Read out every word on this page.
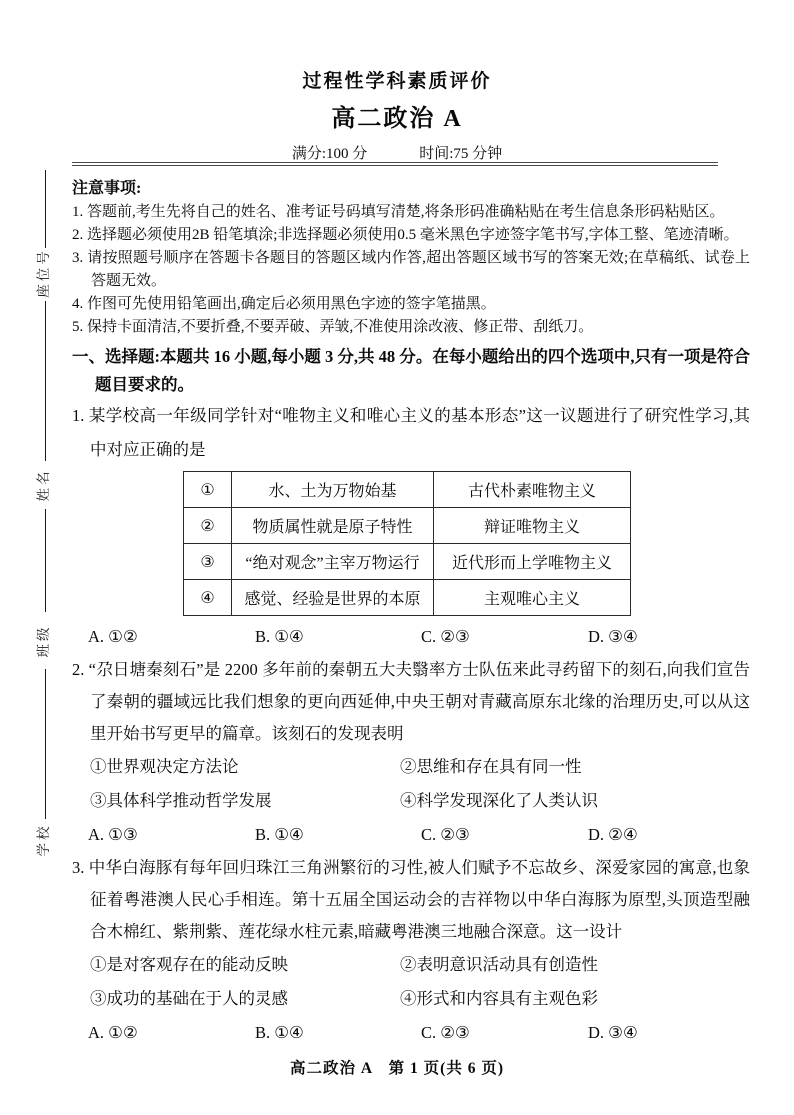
过程性学科素质评价
高二政治 A
满分:100 分	时间:75 分钟
座位号
姓名
班级
学校
注意事项:

1. 答题前,考生先将自己的姓名、准考证号码填写清楚,将条形码准确粘贴在考生信息条形码粘贴区。

2. 选择题必须使用2B 铅笔填涂;非选择题必须使用0.5 毫米黑色字迹签字笔书写,字体工整、笔迹清晰。

3. 请按照题号顺序在答题卡各题目的答题区域内作答,超出答题区域书写的答案无效;在草稿纸、试卷上答题无效。

4. 作图可先使用铅笔画出,确定后必须用黑色字迹的签字笔描黑。

5. 保持卡面清洁,不要折叠,不要弄破、弄皱,不准使用涂改液、修正带、刮纸刀。

一、选择题:本题共 16 小题,每小题 3 分,共 48 分。在每小题给出的四个选项中,只有一项是符合题目要求的。

1. 某学校高一年级同学针对“唯物主义和唯心主义的基本形态”这一议题进行了研究性学习,其中对应正确的是

①	水、土为万物始基	古代朴素唯物主义
②	物质属性就是原子特性	辩证唯物主义
③	“绝对观念”主宰万物运行	近代形而上学唯物主义
④	感觉、经验是世界的本原	主观唯心主义
A. ①②	B. ①④	C. ②③	D. ③④

2. “尕日塘秦刻石”是 2200 多年前的秦朝五大夫翳率方士队伍来此寻药留下的刻石,向我们宣告了秦朝的疆域远比我们想象的更向西延伸,中央王朝对青藏高原东北缘的治理历史,可以从这里开始书写更早的篇章。该刻石的发现表明

①世界观决定方法论	②思维和存在具有同一性
③具体科学推动哲学发展	④科学发现深化了人类认识
A. ①③	B. ①④	C. ②③	D. ②④

3. 中华白海豚有每年回归珠江三角洲繁衍的习性,被人们赋予不忘故乡、深爱家园的寓意,也象征着粤港澳人民心手相连。第十五届全国运动会的吉祥物以中华白海豚为原型,头顶造型融合木棉红、紫荆紫、莲花绿水柱元素,暗藏粤港澳三地融合深意。这一设计

①是对客观存在的能动反映	②表明意识活动具有创造性
③成功的基础在于人的灵感	④形式和内容具有主观色彩
A. ①②	B. ①④	C. ②③	D. ③④
高二政治 A　第 1 页(共 6 页)
